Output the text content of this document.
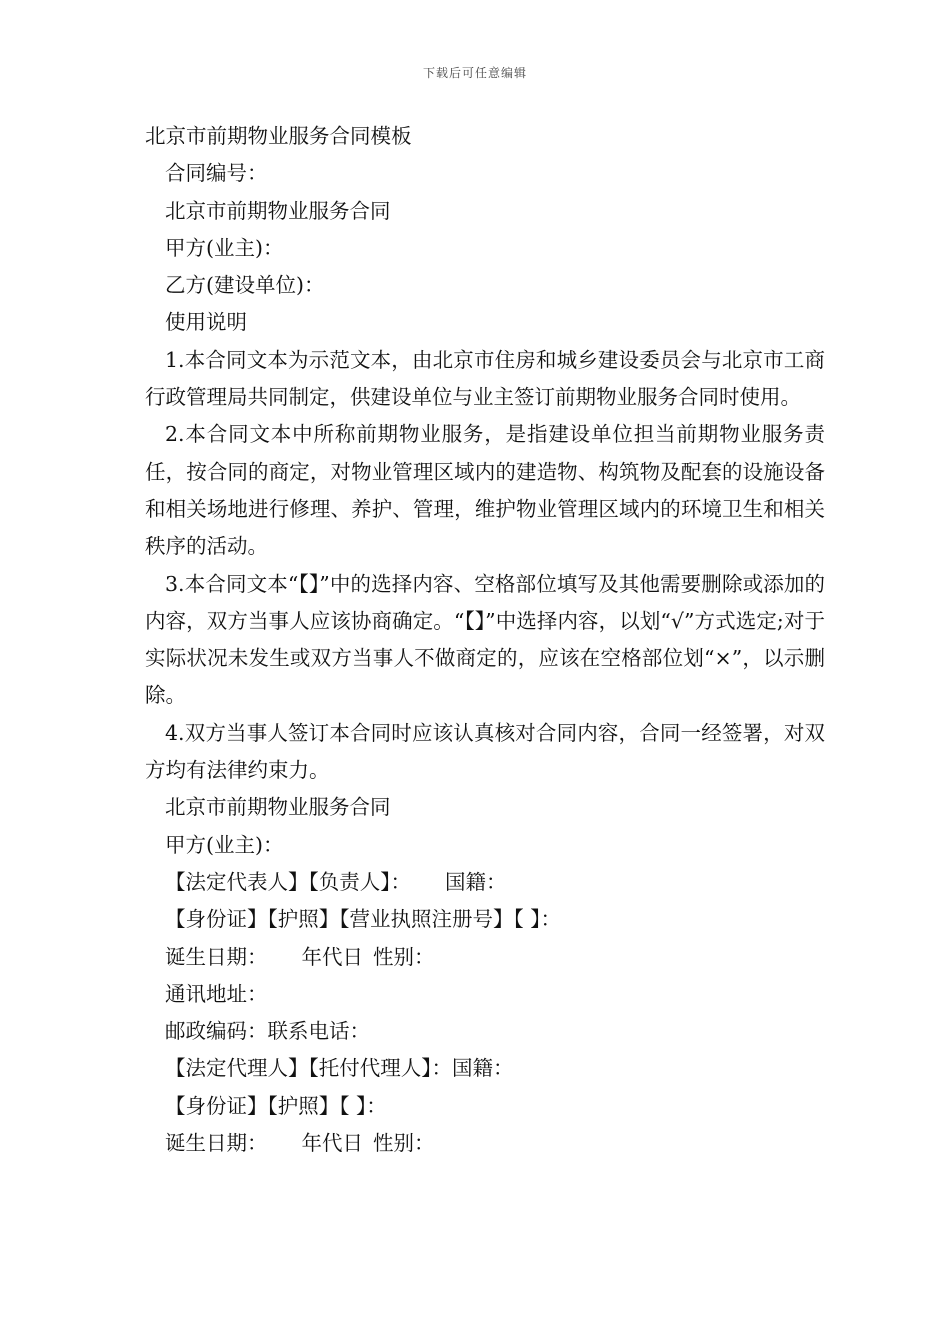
下载后可任意编辑

北京市前期物业服务合同模板

合同编号：

北京市前期物业服务合同

甲方(业主)：

乙方(建设单位)：

使用说明

1.本合同文本为示范文本，由北京市住房和城乡建设委员会与北京市工商行政管理局共同制定，供建设单位与业主签订前期物业服务合同时使用。

2.本合同文本中所称前期物业服务，是指建设单位担当前期物业服务责任，按合同的商定，对物业管理区域内的建造物、构筑物及配套的设施设备和相关场地进行修理、养护、管理，维护物业管理区域内的环境卫生和相关秩序的活动。

3.本合同文本“【】”中的选择内容、空格部位填写及其他需要删除或添加的内容，双方当事人应该协商确定。“【】”中选择内容，以划“√”方式选定;对于实际状况未发生或双方当事人不做商定的，应该在空格部位划“×”，以示删除。

4.双方当事人签订本合同时应该认真核对合同内容，合同一经签署，对双方均有法律约束力。

北京市前期物业服务合同

甲方(业主)：

【法定代表人】【负责人】： 国籍：

【身份证】【护照】【营业执照注册号】【 】：

诞生日期： 年代日 性别：

通讯地址：

邮政编码：联系电话：

【法定代理人】【托付代理人】：国籍：

【身份证】【护照】【 】：

诞生日期： 年代日 性别：
